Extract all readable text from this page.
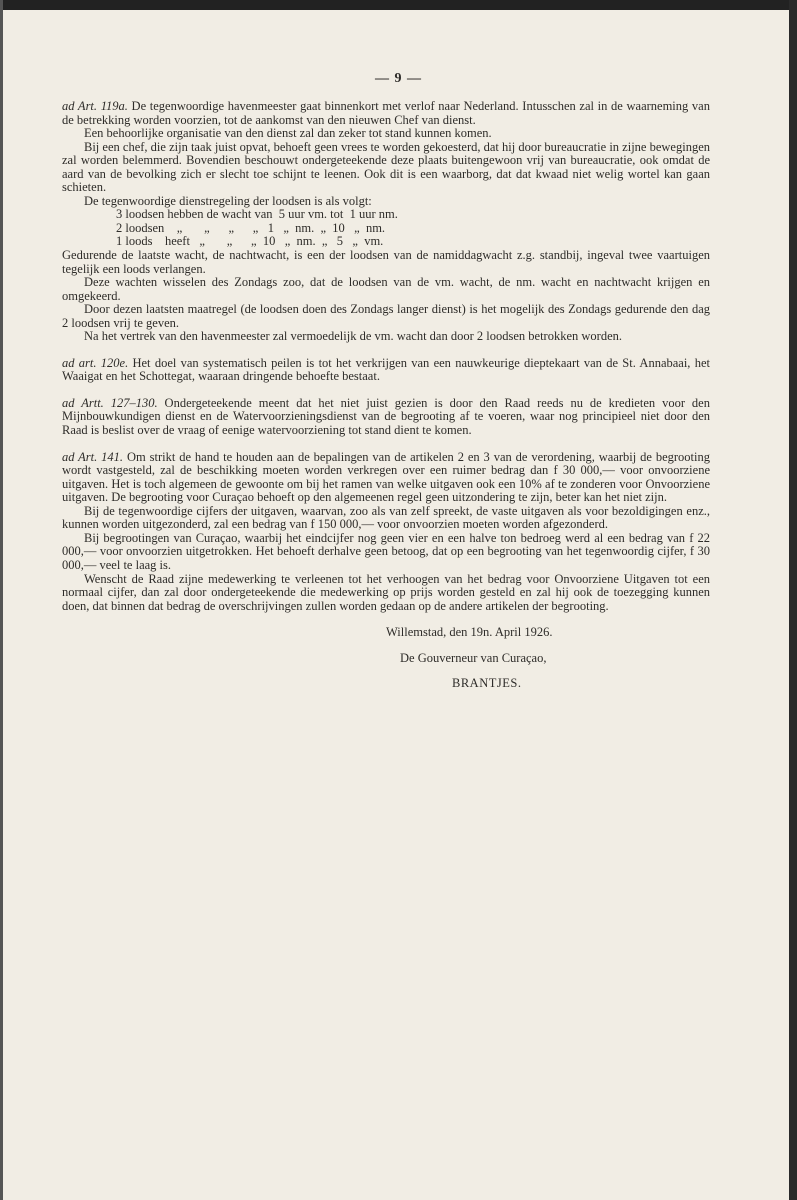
— 9 —

ad Art. 119a. De tegenwoordige havenmeester gaat binnenkort met verlof naar Nederland. Intusschen zal in de waarneming van de betrekking worden voorzien, tot de aankomst van den nieuwen Chef van dienst.

Een behoorlijke organisatie van den dienst zal dan zeker tot stand kunnen komen.

Bij een chef, die zijn taak juist opvat, behoeft geen vrees te worden gekoesterd, dat hij door bureaucratie in zijne bewegingen zal worden belemmerd. Bovendien beschouwt ondergeteekende deze plaats buitengewoon vrij van bureaucratie, ook omdat de aard van de bevolking zich er slecht toe schijnt te leenen. Ook dit is een waarborg, dat dat kwaad niet welig wortel kan gaan schieten.

De tegenwoordige dienstregeling der loodsen is als volgt:

3 loodsen hebben de wacht van  5 uur vm. tot  1 uur nm.

2 loodsen    „       „      „      „   1   „  nm.  „  10   „  nm.

1 loods    heeft   „       „      „  10   „  nm.  „   5   „  vm.

Gedurende de laatste wacht, de nachtwacht, is een der loodsen van de namiddagwacht z.g. standbij, ingeval twee vaartuigen tegelijk een loods verlangen.

Deze wachten wisselen des Zondags zoo, dat de loodsen van de vm. wacht, de nm. wacht en nachtwacht krijgen en omgekeerd.

Door dezen laatsten maatregel (de loodsen doen des Zondags langer dienst) is het mogelijk des Zondags gedurende den dag 2 loodsen vrij te geven.

Na het vertrek van den havenmeester zal vermoedelijk de vm. wacht dan door 2 loodsen betrokken worden.

ad art. 120e. Het doel van systematisch peilen is tot het verkrijgen van een nauwkeurige dieptekaart van de St. Annabaai, het Waaigat en het Schottegat, waaraan dringende behoefte bestaat.

ad Artt. 127–130. Ondergeteekende meent dat het niet juist gezien is door den Raad reeds nu de kredieten voor den Mijnbouwkundigen dienst en de Watervoorzieningsdienst van de begrooting af te voeren, waar nog principieel niet door den Raad is beslist over de vraag of eenige watervoorziening tot stand dient te komen.

ad Art. 141. Om strikt de hand te houden aan de bepalingen van de artikelen 2 en 3 van de verordening, waarbij de begrooting wordt vastgesteld, zal de beschikking moeten worden verkregen over een ruimer bedrag dan f 30 000,— voor onvoorziene uitgaven. Het is toch algemeen de gewoonte om bij het ramen van welke uitgaven ook een 10% af te zonderen voor Onvoorziene uitgaven. De begrooting voor Curaçao behoeft op den algemeenen regel geen uitzondering te zijn, beter kan het niet zijn.

Bij de tegenwoordige cijfers der uitgaven, waarvan, zoo als van zelf spreekt, de vaste uitgaven als voor bezoldigingen enz., kunnen worden uitgezonderd, zal een bedrag van f 150 000,— voor onvoorzien moeten worden afgezonderd.

Bij begrootingen van Curaçao, waarbij het eindcijfer nog geen vier en een halve ton bedroeg werd al een bedrag van f 22 000,— voor onvoorzien uitgetrokken. Het behoeft derhalve geen betoog, dat op een begrooting van het tegenwoordig cijfer, f 30 000,— veel te laag is.

Wenscht de Raad zijne medewerking te verleenen tot het verhoogen van het bedrag voor Onvoorziene Uitgaven tot een normaal cijfer, dan zal door ondergeteekende die medewerking op prijs worden gesteld en zal hij ook de toezegging kunnen doen, dat binnen dat bedrag de overschrijvingen zullen worden gedaan op de andere artikelen der begrooting.

Willemstad, den 19n. April 1926.

De Gouverneur van Curaçao,

BRANTJES.
